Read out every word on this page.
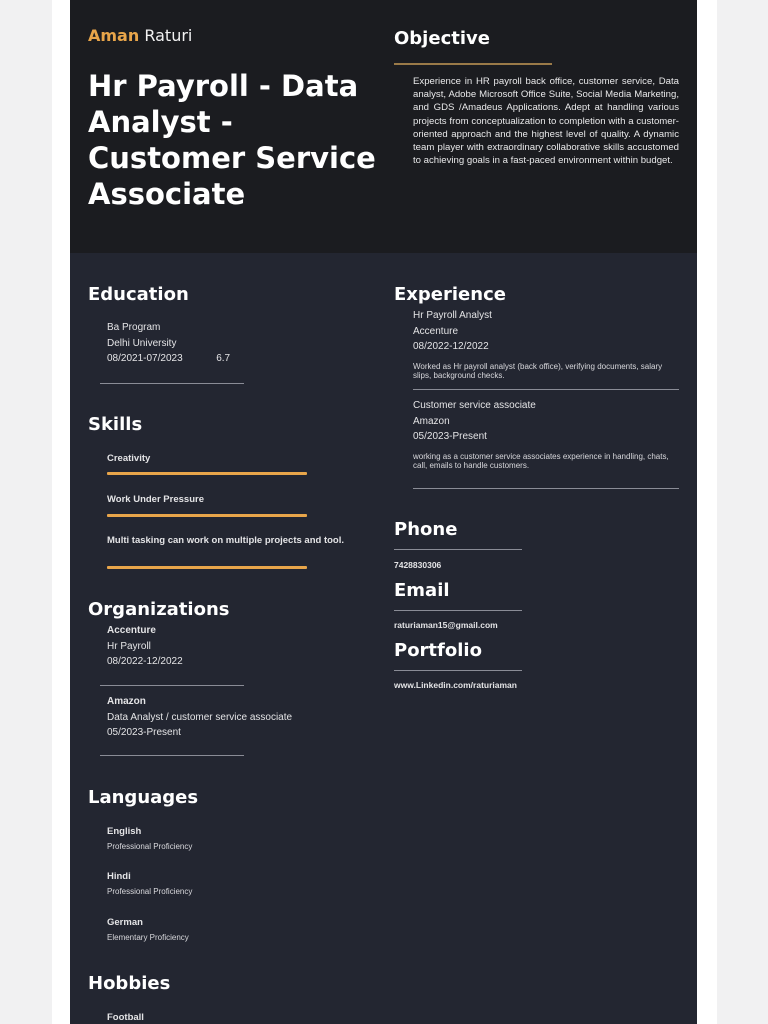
Aman Raturi
Hr Payroll - Data Analyst - Customer Service Associate
Objective
Experience in HR payroll back office, customer service, Data analyst, Adobe Microsoft Office Suite, Social Media Marketing, and GDS /Amadeus Applications. Adept at handling various projects from conceptualization to completion with a customer-oriented approach and the highest level of quality. A dynamic team player with extraordinary collaborative skills accustomed to achieving goals in a fast-paced environment within budget.
Education
Ba Program
Delhi University
08/2021-07/2023	6.7
Skills
Creativity
Work Under Pressure
Multi tasking can work on multiple projects and tool.
Organizations
Accenture
Hr Payroll
08/2022-12/2022
Amazon
Data Analyst / customer service associate
05/2023-Present
Languages
English
Professional Proficiency
Hindi
Professional Proficiency
German
Elementary Proficiency
Hobbies
Football
Experience
Hr Payroll Analyst
Accenture
08/2022-12/2022
Worked as Hr payroll analyst (back office), verifying documents, salary slips, background checks.
Customer service associate
Amazon
05/2023-Present
working as a customer service associates experience in handling, chats, call, emails to handle customers.
Phone
7428830306
Email
raturiaman15@gmail.com
Portfolio
www.Linkedin.com/raturiaman
